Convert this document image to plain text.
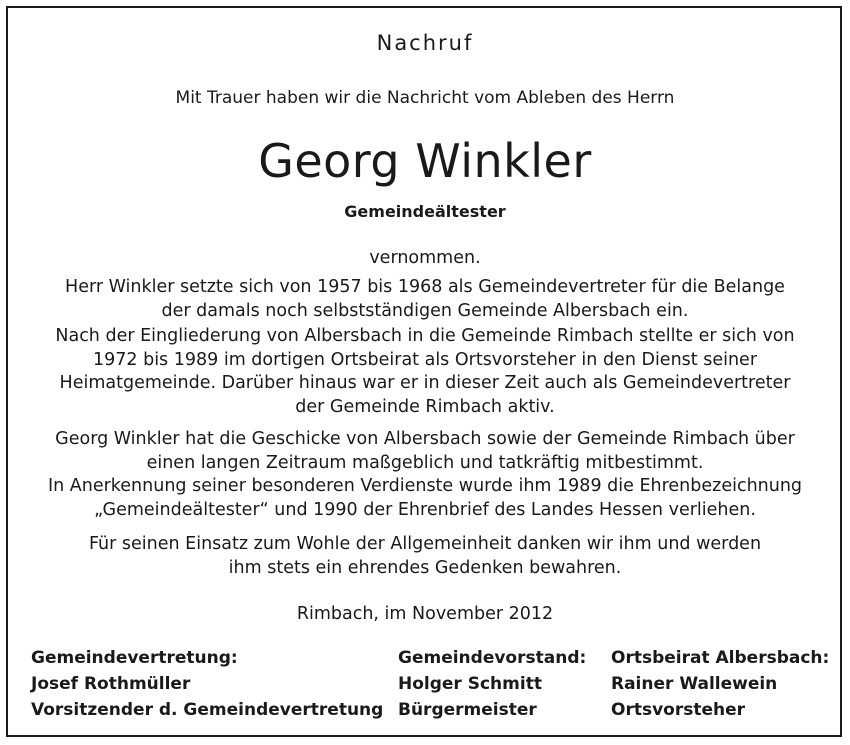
Nachruf
Mit Trauer haben wir die Nachricht vom Ableben des Herrn
Georg Winkler
Gemeindeältester
vernommen.
Herr Winkler setzte sich von 1957 bis 1968 als Gemeindevertreter für die Belange
der damals noch selbstständigen Gemeinde Albersbach ein.
Nach der Eingliederung von Albersbach in die Gemeinde Rimbach stellte er sich von
1972 bis 1989 im dortigen Ortsbeirat als Ortsvorsteher in den Dienst seiner
Heimatgemeinde. Darüber hinaus war er in dieser Zeit auch als Gemeindevertreter
der Gemeinde Rimbach aktiv.
Georg Winkler hat die Geschicke von Albersbach sowie der Gemeinde Rimbach über
einen langen Zeitraum maßgeblich und tatkräftig mitbestimmt.
In Anerkennung seiner besonderen Verdienste wurde ihm 1989 die Ehrenbezeichnung
„Gemeindeältester“ und 1990 der Ehrenbrief des Landes Hessen verliehen.
Für seinen Einsatz zum Wohle der Allgemeinheit danken wir ihm und werden
ihm stets ein ehrendes Gedenken bewahren.
Rimbach, im November 2012
Gemeindevertretung:
Josef Rothmüller
Vorsitzender d. Gemeindevertretung
Gemeindevorstand:
Holger Schmitt
Bürgermeister
Ortsbeirat Albersbach:
Rainer Wallewein
Ortsvorsteher
